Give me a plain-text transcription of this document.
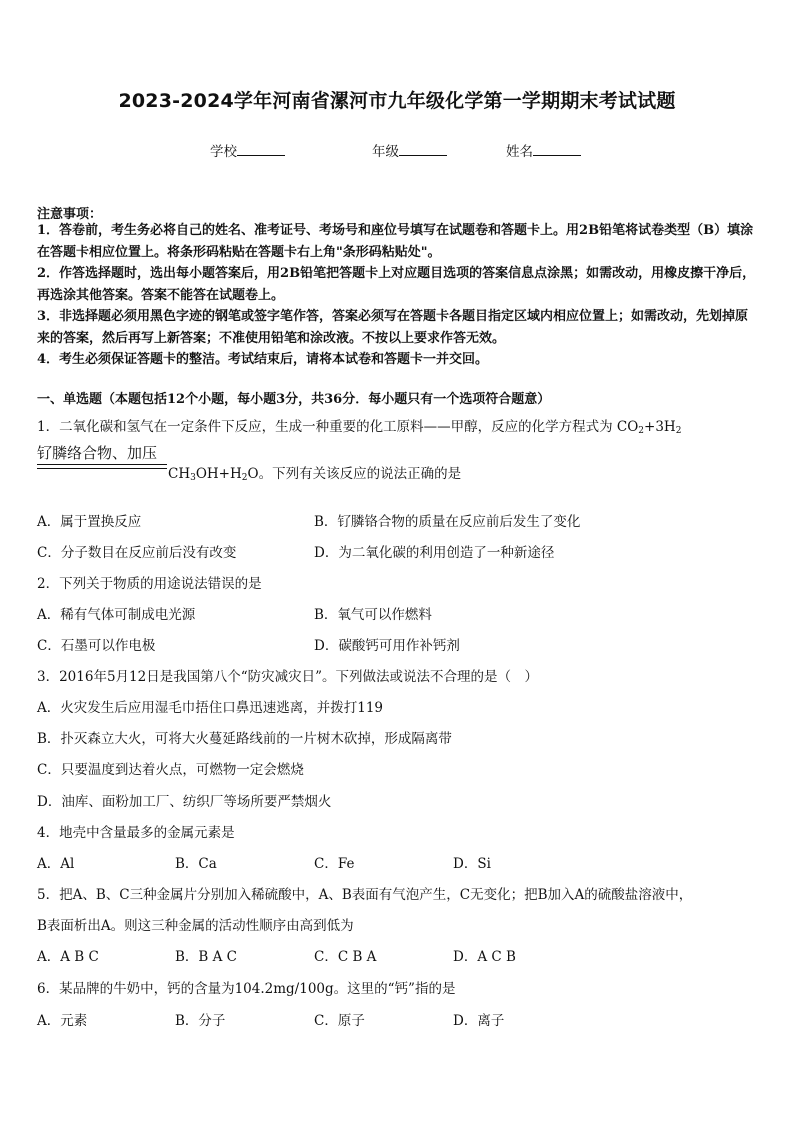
2023-2024学年河南省漯河市九年级化学第一学期期末考试试题
学校	年级	姓名
注意事项：

1．答卷前，考生务必将自己的姓名、准考证号、考场号和座位号填写在试题卷和答题卡上。用2B铅笔将试卷类型（B）填涂在答题卡相应位置上。将条形码粘贴在答题卡右上角"条形码粘贴处"。

2．作答选择题时，选出每小题答案后，用2B铅笔把答题卡上对应题目选项的答案信息点涂黑；如需改动，用橡皮擦干净后，再选涂其他答案。答案不能答在试题卷上。

3．非选择题必须用黑色字迹的钢笔或签字笔作答，答案必须写在答题卡各题目指定区域内相应位置上；如需改动，先划掉原来的答案，然后再写上新答案；不准使用铅笔和涂改液。不按以上要求作答无效。

4．考生必须保证答题卡的整洁。考试结束后，请将本试卷和答题卡一并交回。

一、单选题（本题包括12个小题，每小题3分，共36分．每小题只有一个选项符合题意）
1．二氧化碳和氢气在一定条件下反应，生成一种重要的化工原料——甲醇，反应的化学方程式为 $CO_2+3H_2$
钌膦络合物、加压
$CH_3OH+H_2O$。下列有关该反应的说法正确的是
A．属于置换反应	B．钌膦铬合物的质量在反应前后发生了变化
C．分子数目在反应前后没有改变	D．为二氧化碳的利用创造了一种新途径
2．下列关于物质的用途说法错误的是
A．稀有气体可制成电光源	B．氧气可以作燃料
C．石墨可以作电极	D．碳酸钙可用作补钙剂
3．2016年5月12日是我国第八个“防灾减灾日”。下列做法或说法不合理的是（　）
A．火灾发生后应用湿毛巾捂住口鼻迅速逃离，并拨打119
B．扑灭森立大火，可将大火蔓延路线前的一片树木砍掉，形成隔离带
C．只要温度到达着火点，可燃物一定会燃烧
D．油库、面粉加工厂、纺织厂等场所要严禁烟火
4．地壳中含量最多的金属元素是
A．Al	B．Ca	C．Fe	D．Si
5．把A、B、C三种金属片分别加入稀硫酸中，A、B表面有气泡产生，C无变化；把B加入A的硫酸盐溶液中，
B表面析出A。则这三种金属的活动性顺序由高到低为
A．A B C	B．B A C	C．C B A	D．A C B
6．某品牌的牛奶中，钙的含量为104.2mg/100g。这里的“钙”指的是
A．元素	B．分子	C．原子	D．离子
